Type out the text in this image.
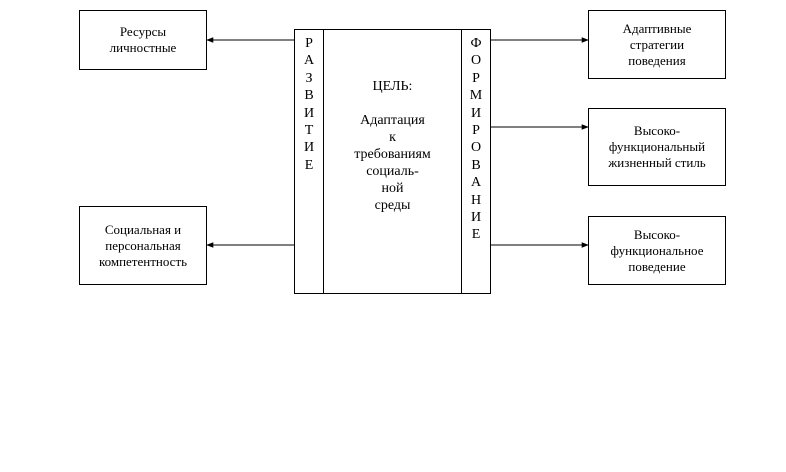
Ресурсы
личностные
Социальная и
персональная
компетентность
Адаптивные
стратегии
поведения
Высоко-
функциональный
жизненный стиль
Высоко-
функциональное
поведение
Р
А
З
В
И
Т
И
Е
ЦЕЛЬ:

Адаптация
к
требованиям
социаль-
ной
среды
Ф
О
Р
М
И
Р
О
В
А
Н
И
Е
